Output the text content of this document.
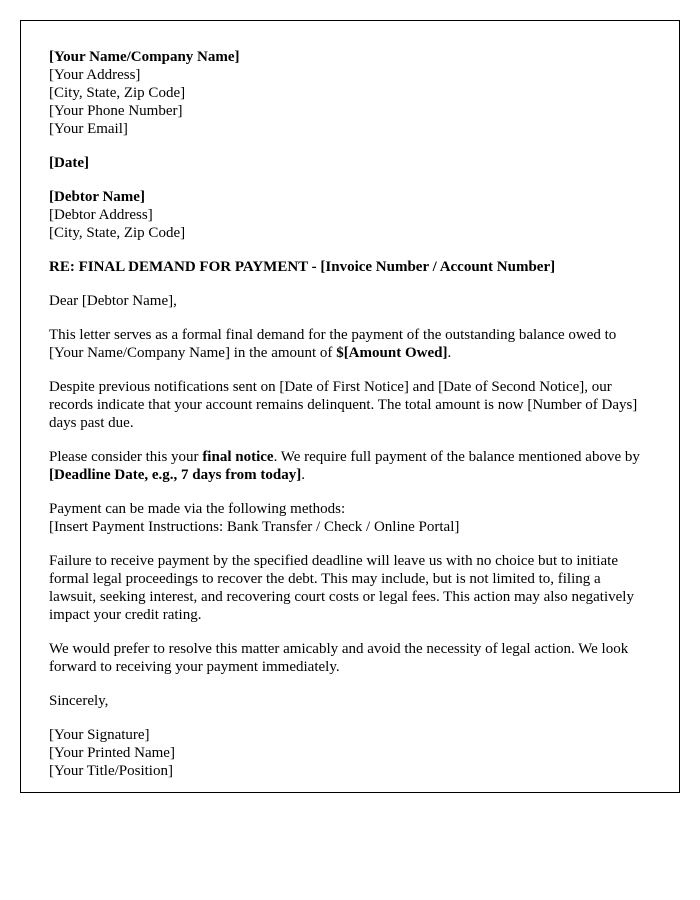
[Your Name/Company Name]
[Your Address]
[City, State, Zip Code]
[Your Phone Number]
[Your Email]
[Date]
[Debtor Name]
[Debtor Address]
[City, State, Zip Code]
RE: FINAL DEMAND FOR PAYMENT - [Invoice Number / Account Number]
Dear [Debtor Name],

This letter serves as a formal final demand for the payment of the outstanding balance owed to [Your Name/Company Name] in the amount of $[Amount Owed].

Despite previous notifications sent on [Date of First Notice] and [Date of Second Notice], our records indicate that your account remains delinquent. The total amount is now [Number of Days] days past due.

Please consider this your final notice. We require full payment of the balance mentioned above by [Deadline Date, e.g., 7 days from today].

Payment can be made via the following methods:
[Insert Payment Instructions: Bank Transfer / Check / Online Portal]

Failure to receive payment by the specified deadline will leave us with no choice but to initiate formal legal proceedings to recover the debt. This may include, but is not limited to, filing a lawsuit, seeking interest, and recovering court costs or legal fees. This action may also negatively impact your credit rating.

We would prefer to resolve this matter amicably and avoid the necessity of legal action. We look forward to receiving your payment immediately.

Sincerely,
[Your Signature]
[Your Printed Name]
[Your Title/Position]
